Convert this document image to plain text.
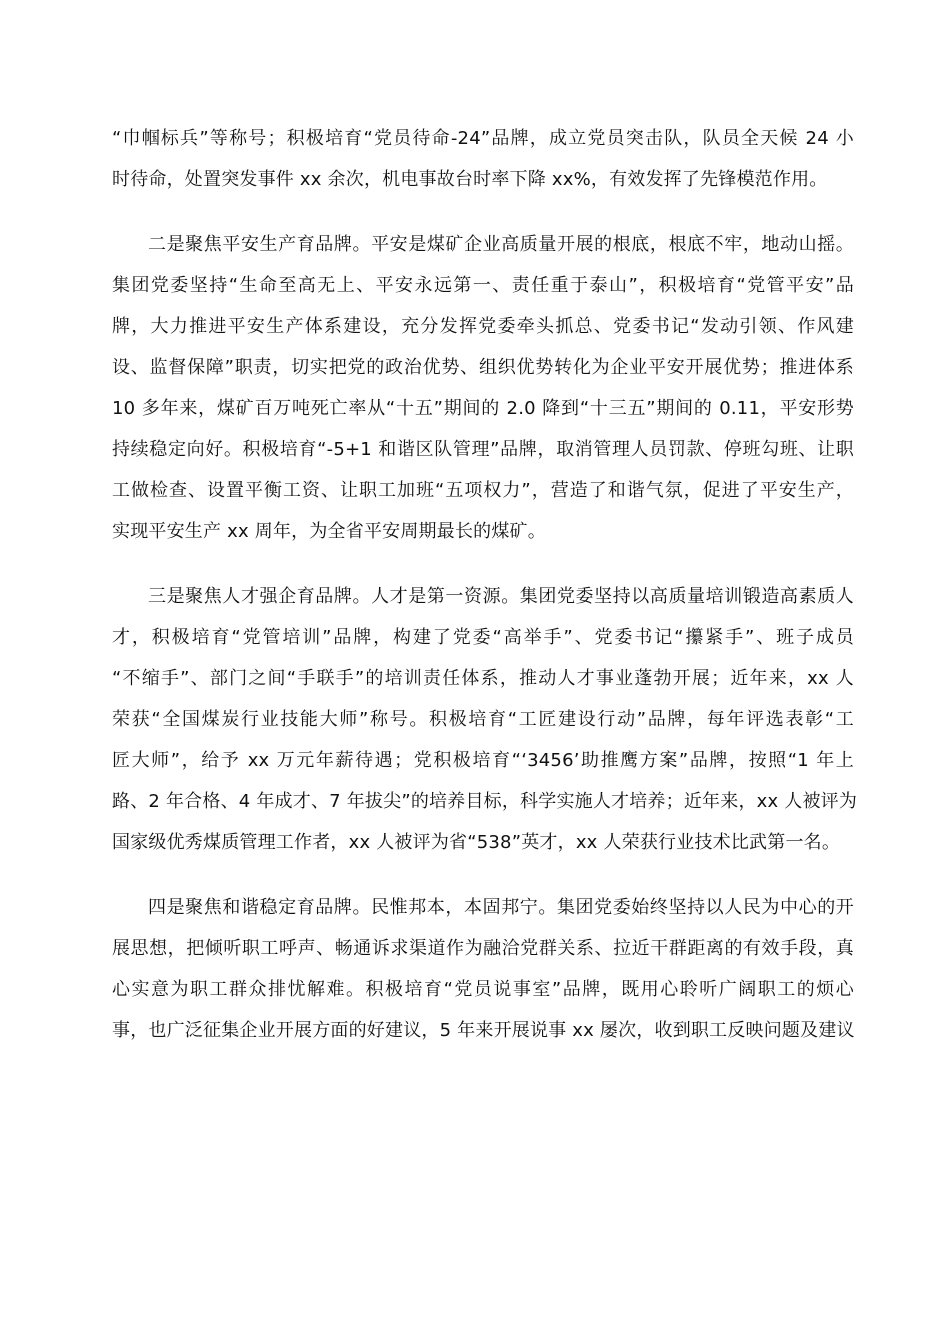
“巾帼标兵”等称号；积极培育“党员待命-24”品牌，成立党员突击队，队员全天候 24 小
时待命，处置突发事件 xx 余次，机电事故台时率下降 xx%，有效发挥了先锋模范作用。
二是聚焦平安生产育品牌。平安是煤矿企业高质量开展的根底，根底不牢，地动山摇。
集团党委坚持“生命至高无上、平安永远第一、责任重于泰山”，积极培育“党管平安”品
牌，大力推进平安生产体系建设，充分发挥党委牵头抓总、党委书记“发动引领、作风建
设、监督保障”职责，切实把党的政治优势、组织优势转化为企业平安开展优势；推进体系
10 多年来，煤矿百万吨死亡率从“十五”期间的 2.0 降到“十三五”期间的 0.11，平安形势
持续稳定向好。积极培育“-5+1 和谐区队管理”品牌，取消管理人员罚款、停班勾班、让职
工做检查、设置平衡工资、让职工加班“五项权力”，营造了和谐气氛，促进了平安生产，
实现平安生产 xx 周年，为全省平安周期最长的煤矿。
三是聚焦人才强企育品牌。人才是第一资源。集团党委坚持以高质量培训锻造高素质人
才，积极培育“党管培训”品牌，构建了党委“高举手”、党委书记“攥紧手”、班子成员
“不缩手”、部门之间“手联手”的培训责任体系，推动人才事业蓬勃开展；近年来，xx 人
荣获“全国煤炭行业技能大师”称号。积极培育“工匠建设行动”品牌，每年评选表彰“工
匠大师”，给予 xx 万元年薪待遇；党积极培育“‘3456’助推鹰方案”品牌，按照“1 年上
路、2 年合格、4 年成才、7 年拔尖”的培养目标，科学实施人才培养；近年来，xx 人被评为
国家级优秀煤质管理工作者，xx 人被评为省“538”英才，xx 人荣获行业技术比武第一名。
四是聚焦和谐稳定育品牌。民惟邦本，本固邦宁。集团党委始终坚持以人民为中心的开
展思想，把倾听职工呼声、畅通诉求渠道作为融洽党群关系、拉近干群距离的有效手段，真
心实意为职工群众排忧解难。积极培育“党员说事室”品牌，既用心聆听广阔职工的烦心
事，也广泛征集企业开展方面的好建议，5 年来开展说事 xx 屡次，收到职工反映问题及建议
